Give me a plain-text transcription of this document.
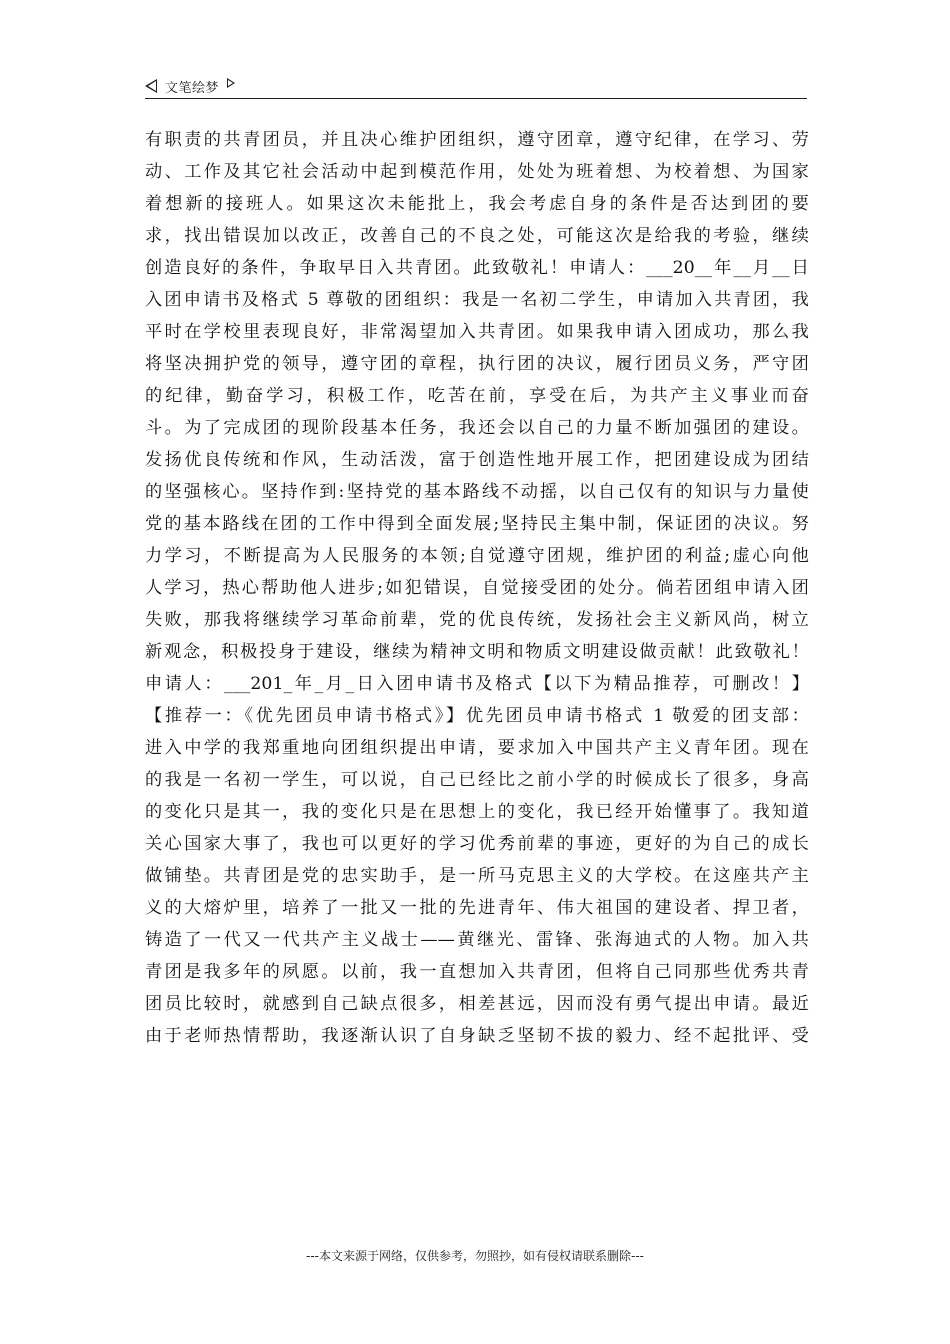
文笔绘梦
有职责的共青团员，并且决心维护团组织，遵守团章，遵守纪律，在学习、劳
动、工作及其它社会活动中起到模范作用，处处为班着想、为校着想、为国家
着想新的接班人。如果这次未能批上，我会考虑自身的条件是否达到团的要
求，找出错误加以改正，改善自己的不良之处，可能这次是给我的考验，继续
创造良好的条件，争取早日入共青团。此致敬礼！申请人：___20__年__月__日
入团申请书及格式 5 尊敬的团组织：我是一名初二学生，申请加入共青团，我
平时在学校里表现良好，非常渴望加入共青团。如果我申请入团成功，那么我
将坚决拥护党的领导，遵守团的章程，执行团的决议，履行团员义务，严守团
的纪律，勤奋学习，积极工作，吃苦在前，享受在后，为共产主义事业而奋
斗。为了完成团的现阶段基本任务，我还会以自己的力量不断加强团的建设。
发扬优良传统和作风，生动活泼，富于创造性地开展工作，把团建设成为团结
的坚强核心。坚持作到:坚持党的基本路线不动摇，以自己仅有的知识与力量使
党的基本路线在团的工作中得到全面发展;坚持民主集中制，保证团的决议。努
力学习，不断提高为人民服务的本领;自觉遵守团规，维护团的利益;虚心向他
人学习，热心帮助他人进步;如犯错误，自觉接受团的处分。倘若团组申请入团
失败，那我将继续学习革命前辈，党的优良传统，发扬社会主义新风尚，树立
新观念，积极投身于建设，继续为精神文明和物质文明建设做贡献！此致敬礼！
申请人：___201_年_月_日入团申请书及格式【以下为精品推荐，可删改！】
【推荐一：《优先团员申请书格式》】优先团员申请书格式 1 敬爱的团支部：
进入中学的我郑重地向团组织提出申请，要求加入中国共产主义青年团。现在
的我是一名初一学生，可以说，自己已经比之前小学的时候成长了很多，身高
的变化只是其一，我的变化只是在思想上的变化，我已经开始懂事了。我知道
关心国家大事了，我也可以更好的学习优秀前辈的事迹，更好的为自己的成长
做铺垫。共青团是党的忠实助手，是一所马克思主义的大学校。在这座共产主
义的大熔炉里，培养了一批又一批的先进青年、伟大祖国的建设者、捍卫者，
铸造了一代又一代共产主义战士——黄继光、雷锋、张海迪式的人物。加入共
青团是我多年的夙愿。以前，我一直想加入共青团，但将自己同那些优秀共青
团员比较时，就感到自己缺点很多，相差甚远，因而没有勇气提出申请。最近
由于老师热情帮助，我逐渐认识了自身缺乏坚韧不拔的毅力、经不起批评、受
---本文来源于网络，仅供参考，勿照抄，如有侵权请联系删除---
